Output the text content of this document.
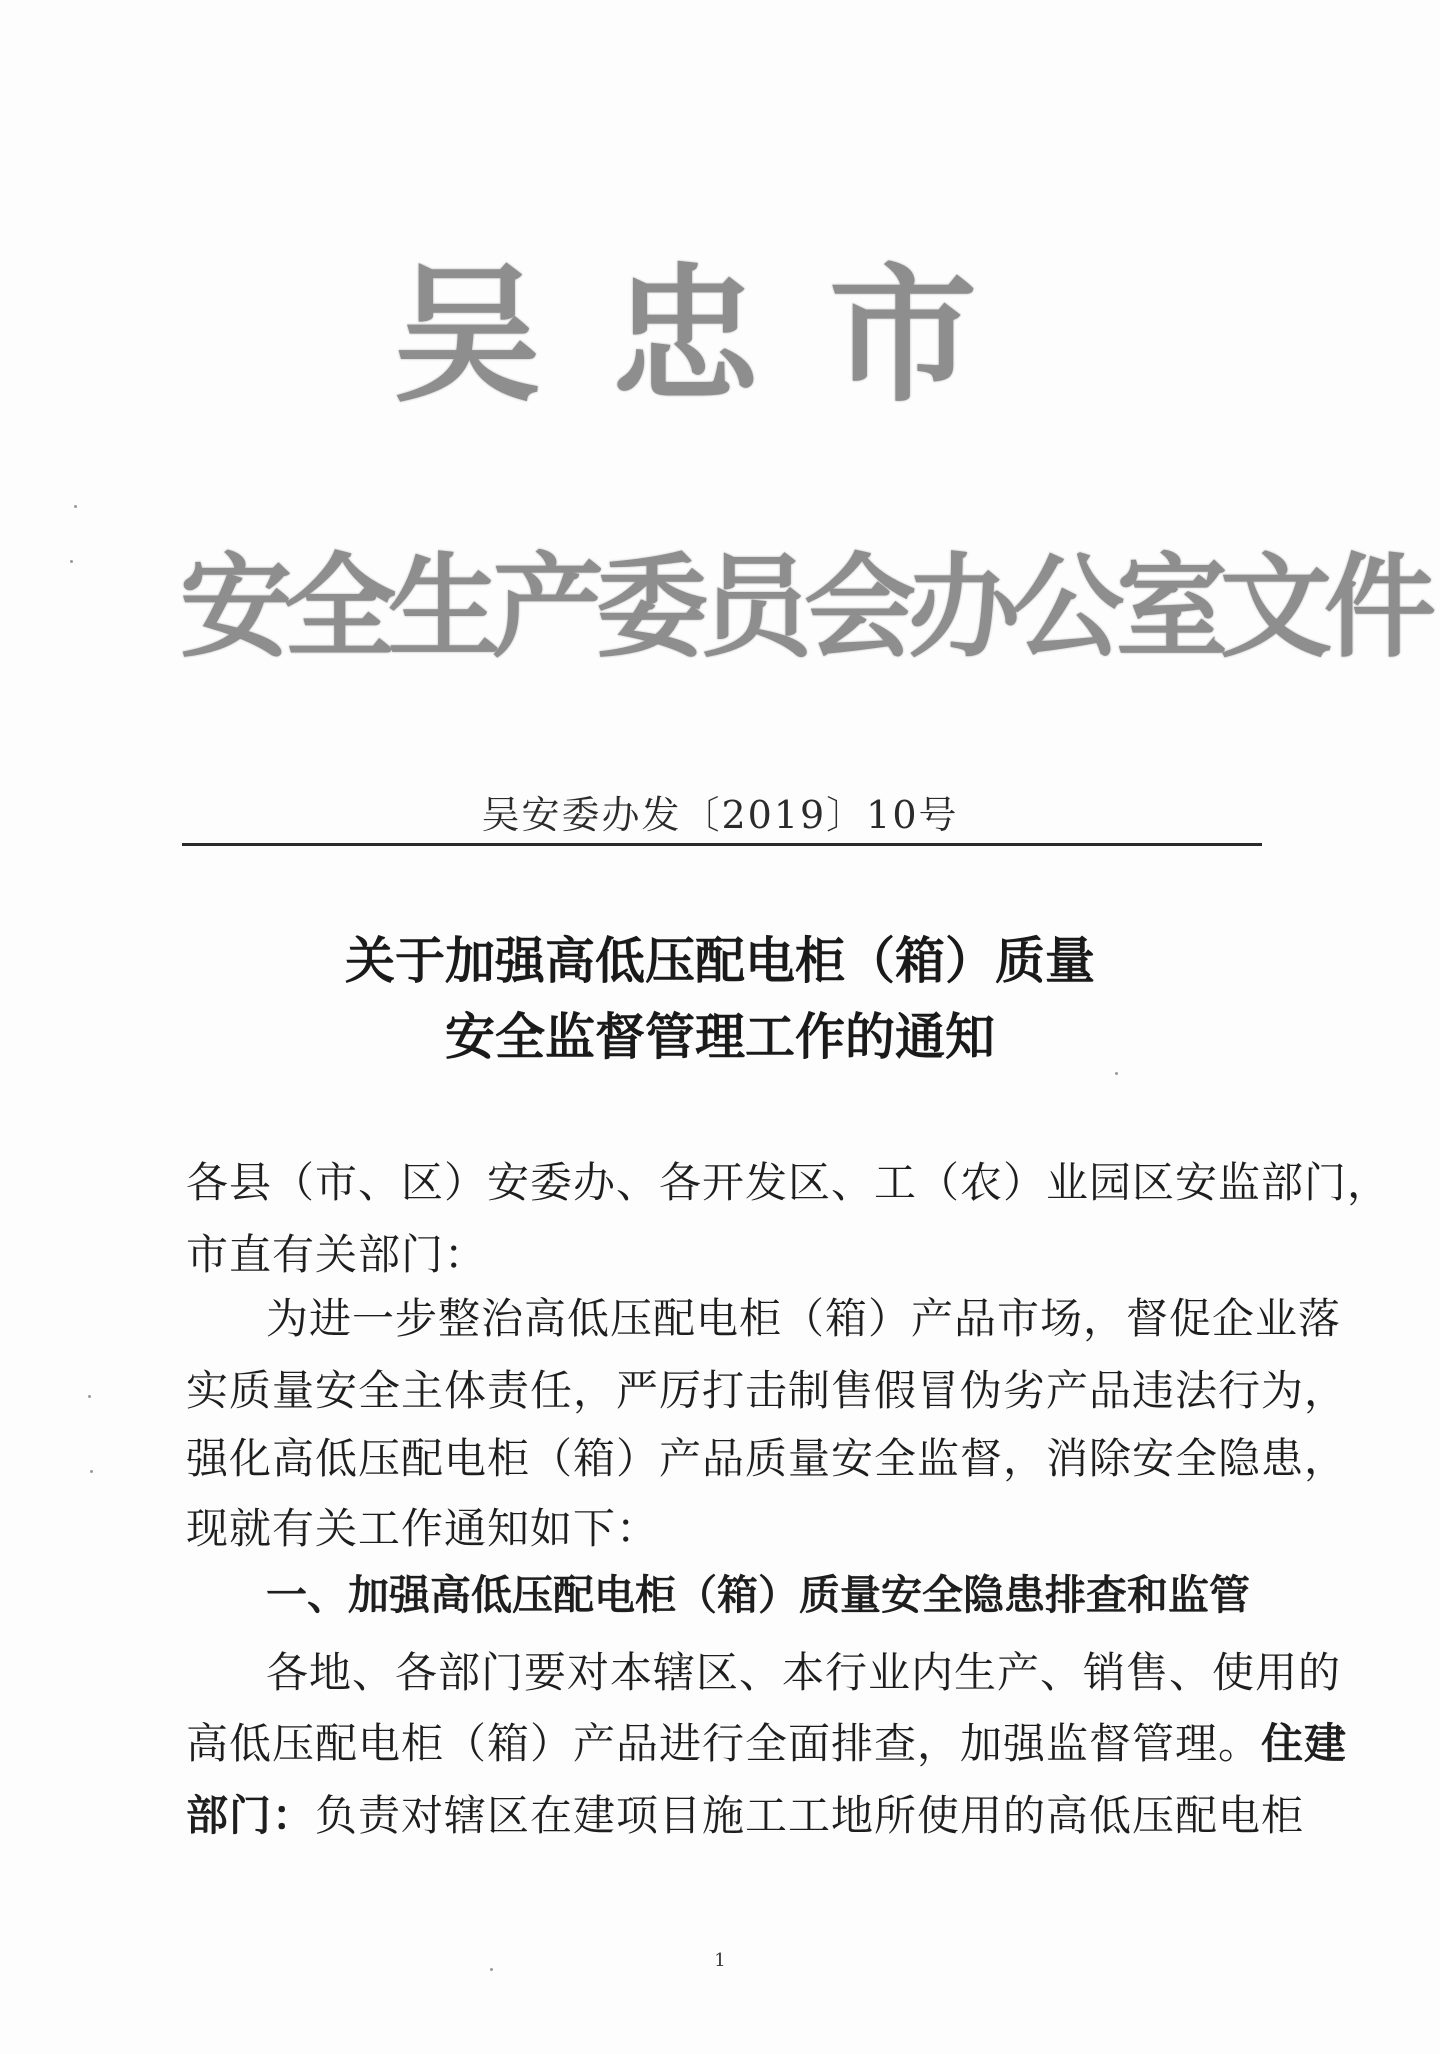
吴忠市
安全生产委员会办公室文件
吴安委办发〔2019〕10号
关于加强高低压配电柜（箱）质量
安全监督管理工作的通知
各县（市、区）安委办、各开发区、工（农）业园区安监部门，
市直有关部门：
为进一步整治高低压配电柜（箱）产品市场，督促企业落
实质量安全主体责任，严厉打击制售假冒伪劣产品违法行为，
强化高低压配电柜（箱）产品质量安全监督，消除安全隐患，
现就有关工作通知如下：
一、加强高低压配电柜（箱）质量安全隐患排查和监管
各地、各部门要对本辖区、本行业内生产、销售、使用的
高低压配电柜（箱）产品进行全面排查，加强监督管理。住建
部门：负责对辖区在建项目施工工地所使用的高低压配电柜
1
